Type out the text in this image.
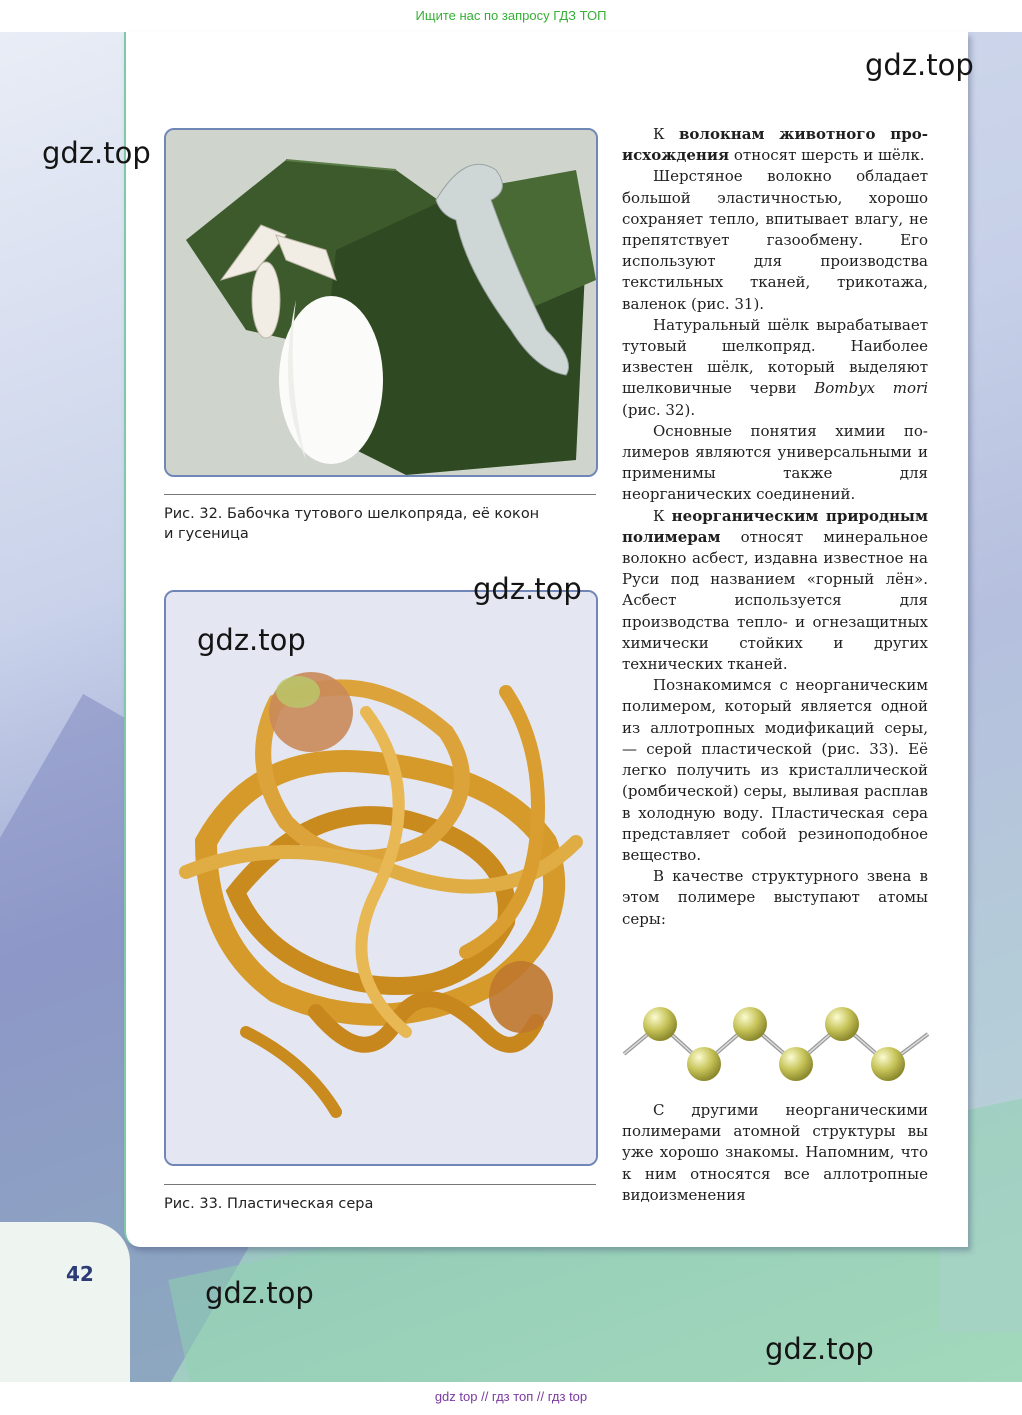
Ищите нас по запросу ГДЗ ТОП
Рис. 32. Бабочка тутового шелкопряда, её кокон
и гусеница
Рис. 33. Пластическая сера

К волокнам животного происхождения относят шерсть и шёлк.

Шерстяное волокно обладает большой эластичностью, хорошо сохраняет тепло, впитывает влагу, не препятствует газообмену. Его используют для производства текстильных тканей, трикотажа, валенок (рис. 31).

Натуральный шёлк вырабатывает тутовый шелкопряд. Наиболее известен шёлк, который выделяют шелковичные черви Bombyx mori (рис. 32).

Основные понятия химии полимеров являются универсальными и применимы также для неорганических соединений.

К неорганическим природным полимерам относят минеральное волокно асбест, издавна известное на Руси под названием «горный лён». Асбест используется для производства тепло- и огнезащитных химически стойких и других технических тканей.

Познакомимся с неорганическим полимером, который является одной из аллотропных модификаций серы, — серой пластической (рис. 33). Её легко получить из кристаллической (ромбической) серы, выливая расплав в холодную воду. Пластическая сера представляет собой резиноподобное вещество.

В качестве структурного звена в этом полимере выступают атомы серы:

С другими неорганическими полимерами атомной структуры вы уже хорошо знакомы. Напомним, что к ним относятся все аллотропные видоизменения

42
gdz.top
gdz.top
gdz.top
gdz.top
gdz.top
gdz.top
gdz top // гдз топ // гдз top
